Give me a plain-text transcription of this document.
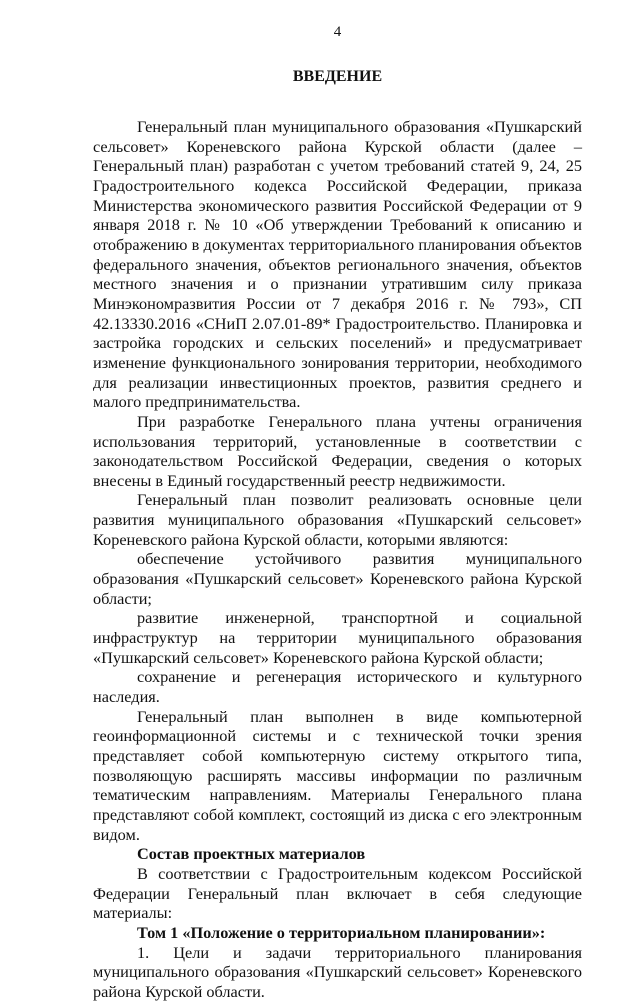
4
ВВЕДЕНИЕ

Генеральный план муниципального образования «Пушкарский сельсовет» Кореневского района Курской области (далее – Генеральный план) разработан с учетом требований статей 9, 24, 25 Градостроительного кодекса Российской Федерации, приказа Министерства экономического развития Российской Федерации от 9 января 2018 г. № 10 «Об утверждении Требований к описанию и отображению в документах территориального планирования объектов федерального значения, объектов регионального значения, объектов местного значения и о признании утратившим силу приказа Минэкономразвития России от 7 декабря 2016 г. № 793», СП 42.13330.2016 «СНиП 2.07.01-89* Градостроительство. Планировка и застройка городских и сельских поселений» и предусматривает изменение функционального зонирования территории, необходимого для реализации инвестиционных проектов, развития среднего и малого предпринимательства.

При разработке Генерального плана учтены ограничения использования территорий, установленные в соответствии с законодательством Российской Федерации, сведения о которых внесены в Единый государственный реестр недвижимости.

Генеральный план позволит реализовать основные цели развития муниципального образования «Пушкарский сельсовет» Кореневского района Курской области, которыми являются:

обеспечение устойчивого развития муниципального образования «Пушкарский сельсовет» Кореневского района Курской области;

развитие инженерной, транспортной и социальной инфраструктур на территории муниципального образования «Пушкарский сельсовет» Кореневского района Курской области;

сохранение и регенерация исторического и культурного наследия.

Генеральный план выполнен в виде компьютерной геоинформационной системы и с технической точки зрения представляет собой компьютерную систему открытого типа, позволяющую расширять массивы информации по различным тематическим направлениям. Материалы Генерального плана представляют собой комплект, состоящий из диска с его электронным видом.

Состав проектных материалов

В соответствии с Градостроительным кодексом Российской Федерации Генеральный план включает в себя следующие материалы:

Том 1 «Положение о территориальном планировании»:

1. Цели и задачи территориального планирования муниципального образования «Пушкарский сельсовет» Кореневского района Курской области.
